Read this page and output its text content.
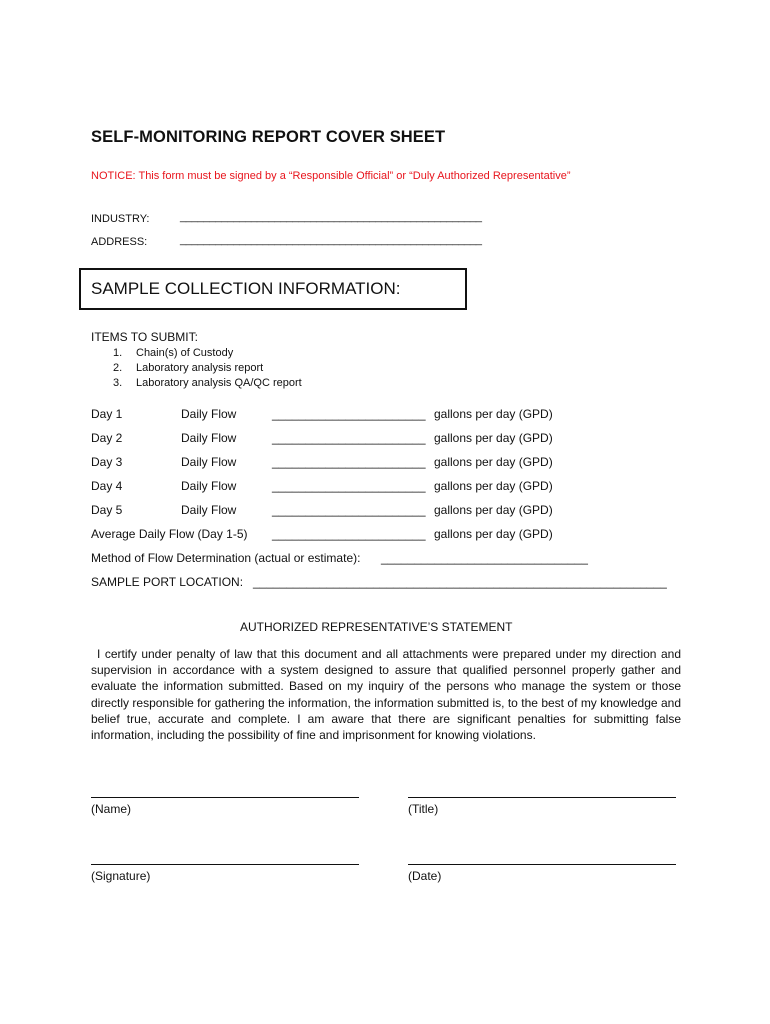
SELF-MONITORING REPORT COVER SHEET
NOTICE: This form must be signed by a “Responsible Official” or “Duly Authorized Representative”
INDUSTRY:	___________________________________________________
ADDRESS:	___________________________________________________
SAMPLE COLLECTION INFORMATION:
ITEMS TO SUBMIT:
1. Chain(s) of Custody
2. Laboratory analysis report
3. Laboratory analysis QA/QC report
Day 1	Daily Flow	_______________________ gallons per day (GPD)
Day 2	Daily Flow	_______________________ gallons per day (GPD)
Day 3	Daily Flow	_______________________ gallons per day (GPD)
Day 4	Daily Flow	_______________________ gallons per day (GPD)
Day 5	Daily Flow	_______________________ gallons per day (GPD)
Average Daily Flow (Day 1-5) _______________________ gallons per day (GPD)
Method of Flow Determination (actual or estimate): _______________________________
SAMPLE PORT LOCATION: ______________________________________________________________
AUTHORIZED REPRESENTATIVE’S STATEMENT
I certify under penalty of law that this document and all attachments were prepared under my direction and supervision in accordance with a system designed to assure that qualified personnel properly gather and evaluate the information submitted. Based on my inquiry of the persons who manage the system or those directly responsible for gathering the information, the information submitted is, to the best of my knowledge and belief true, accurate and complete. I am aware that there are significant penalties for submitting false information, including the possibility of fine and imprisonment for knowing violations.
(Name)	(Title)
(Signature)	(Date)
